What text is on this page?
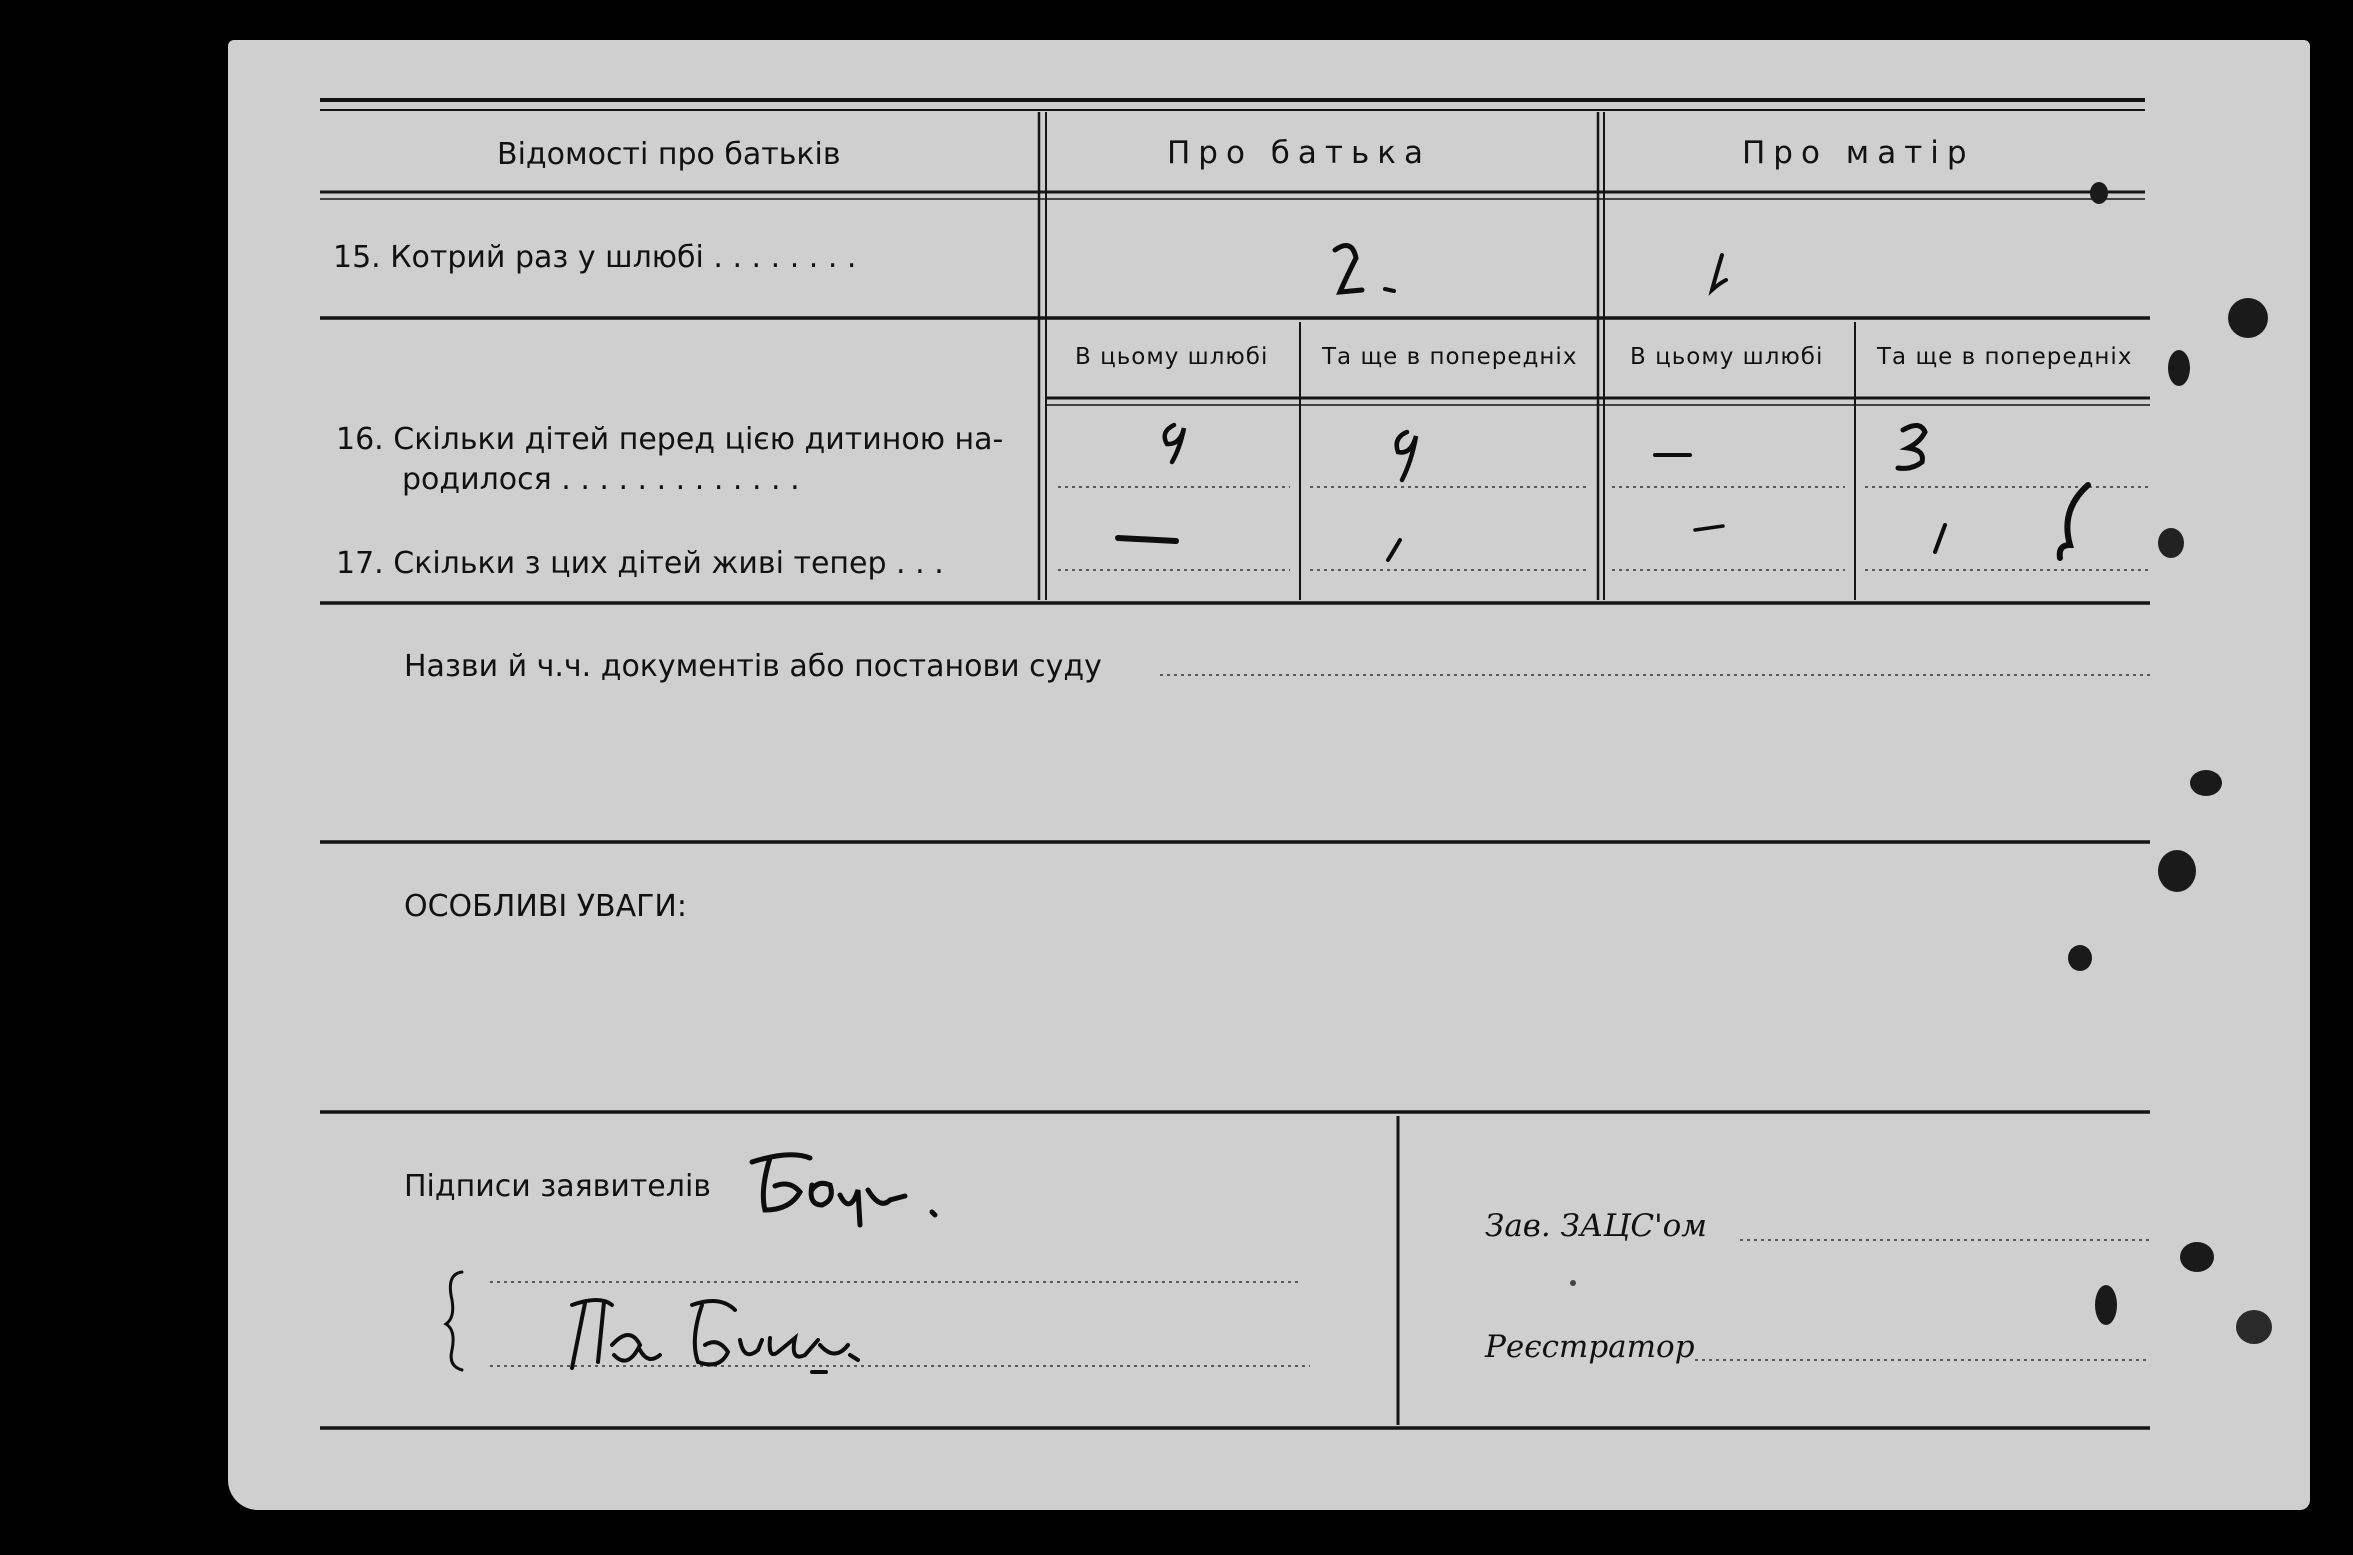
Відомості про батьків	Про батька	Про матір
15. Котрий раз у шлюбі . . . . . . . .
В цьому шлюбі Та ще в попередніх В цьому шлюбі Та ще в попередніх
16. Скільки дітей перед цією дитиною на-
родилося . . . . . . . . . . . . .
17. Скільки з цих дітей живі тепер . . .
Назви й ч.ч. документів або постанови суду
ОСОБЛИВІ УВАГИ:
Підписи заявителів
Зав. ЗАЦС'ом
Реєстратор
